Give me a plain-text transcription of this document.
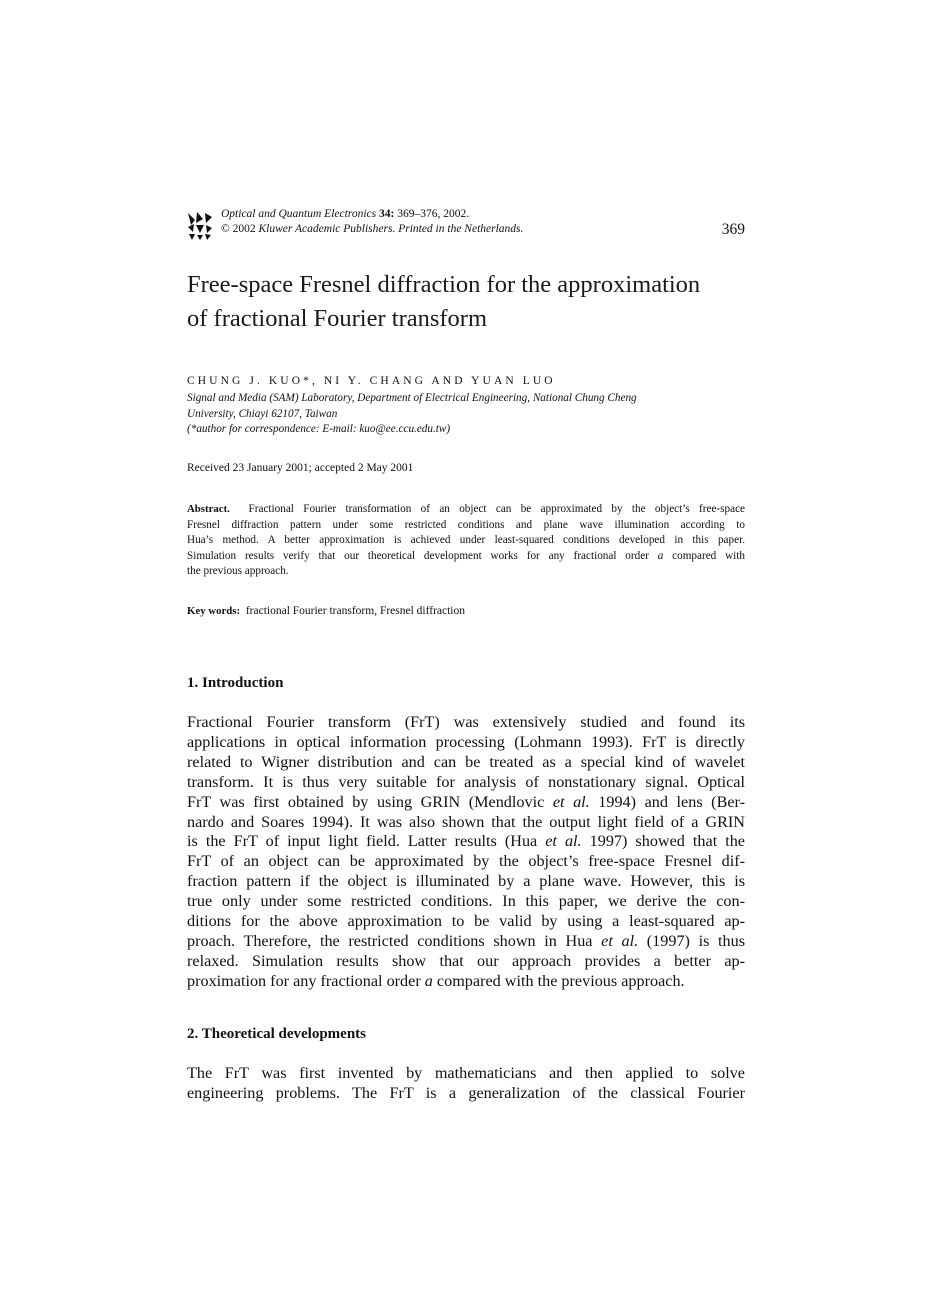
Optical and Quantum Electronics 34: 369–376, 2002.
© 2002 Kluwer Academic Publishers. Printed in the Netherlands.	369
Free-space Fresnel diffraction for the approximation
of fractional Fourier transform
CHUNG J. KUO*, NI Y. CHANG AND YUAN LUO
Signal and Media (SAM) Laboratory, Department of Electrical Engineering, National Chung Cheng
University, Chiayi 62107, Taiwan
(*author for correspondence: E-mail: kuo@ee.ccu.edu.tw)
Received 23 January 2001; accepted 2 May 2001
Abstract. Fractional Fourier transformation of an object can be approximated by the object’s free-space
Fresnel diffraction pattern under some restricted conditions and plane wave illumination according to
Hua’s method. A better approximation is achieved under least-squared conditions developed in this paper.
Simulation results verify that our theoretical development works for any fractional order a compared with
the previous approach.
Key words: fractional Fourier transform, Fresnel diffraction
1. Introduction
Fractional Fourier transform (FrT) was extensively studied and found its
applications in optical information processing (Lohmann 1993). FrT is directly
related to Wigner distribution and can be treated as a special kind of wavelet
transform. It is thus very suitable for analysis of nonstationary signal. Optical
FrT was first obtained by using GRIN (Mendlovic et al. 1994) and lens (Ber-
nardo and Soares 1994). It was also shown that the output light field of a GRIN
is the FrT of input light field. Latter results (Hua et al. 1997) showed that the
FrT of an object can be approximated by the object’s free-space Fresnel dif-
fraction pattern if the object is illuminated by a plane wave. However, this is
true only under some restricted conditions. In this paper, we derive the con-
ditions for the above approximation to be valid by using a least-squared ap-
proach. Therefore, the restricted conditions shown in Hua et al. (1997) is thus
relaxed. Simulation results show that our approach provides a better ap-
proximation for any fractional order a compared with the previous approach.
2. Theoretical developments
The FrT was first invented by mathematicians and then applied to solve
engineering problems. The FrT is a generalization of the classical Fourier
